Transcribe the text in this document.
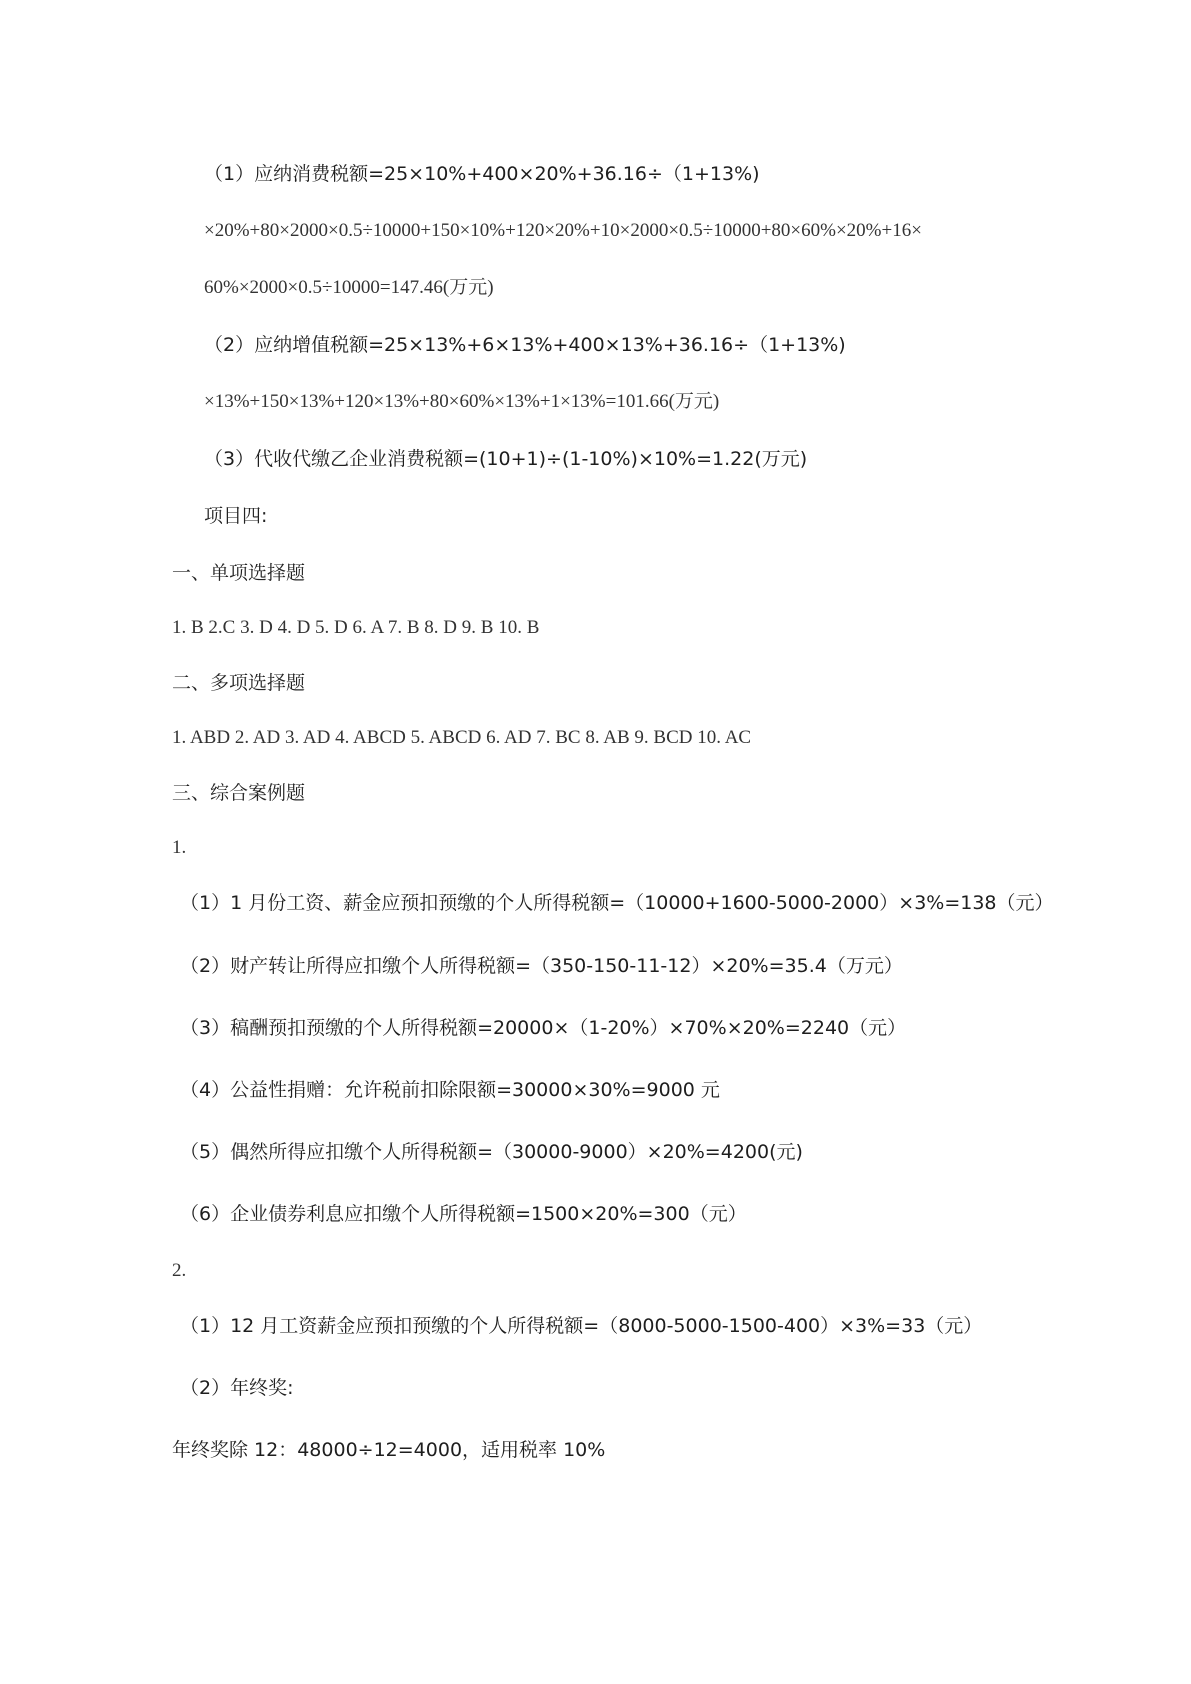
（1）应纳消费税额=25×10%+400×20%+36.16÷（1+13%)
×20%+80×2000×0.5÷10000+150×10%+120×20%+10×2000×0.5÷10000+80×60%×20%+16×
60%×2000×0.5÷10000=147.46(万元)
（2）应纳增值税额=25×13%+6×13%+400×13%+36.16÷（1+13%)
×13%+150×13%+120×13%+80×60%×13%+1×13%=101.66(万元)
（3）代收代缴乙企业消费税额=(10+1)÷(1-10%)×10%=1.22(万元)
项目四:
一、单项选择题
1. B 2.C 3. D 4. D 5. D 6. A 7. B 8. D 9. B 10. B
二、多项选择题
1. ABD 2. AD 3. AD 4. ABCD 5. ABCD 6. AD 7. BC 8. AB 9. BCD 10. AC
三、综合案例题
1.
（1）1 月份工资、薪金应预扣预缴的个人所得税额=（10000+1600-5000-2000）×3%=138（元）
（2）财产转让所得应扣缴个人所得税额=（350-150-11-12）×20%=35.4（万元）
（3）稿酬预扣预缴的个人所得税额=20000×（1-20%）×70%×20%=2240（元）
（4）公益性捐赠：允许税前扣除限额=30000×30%=9000 元
（5）偶然所得应扣缴个人所得税额=（30000-9000）×20%=4200(元)
（6）企业债券利息应扣缴个人所得税额=1500×20%=300（元）
2.
（1）12 月工资薪金应预扣预缴的个人所得税额=（8000-5000-1500-400）×3%=33（元）
（2）年终奖:
年终奖除 12：48000÷12=4000，适用税率 10%
